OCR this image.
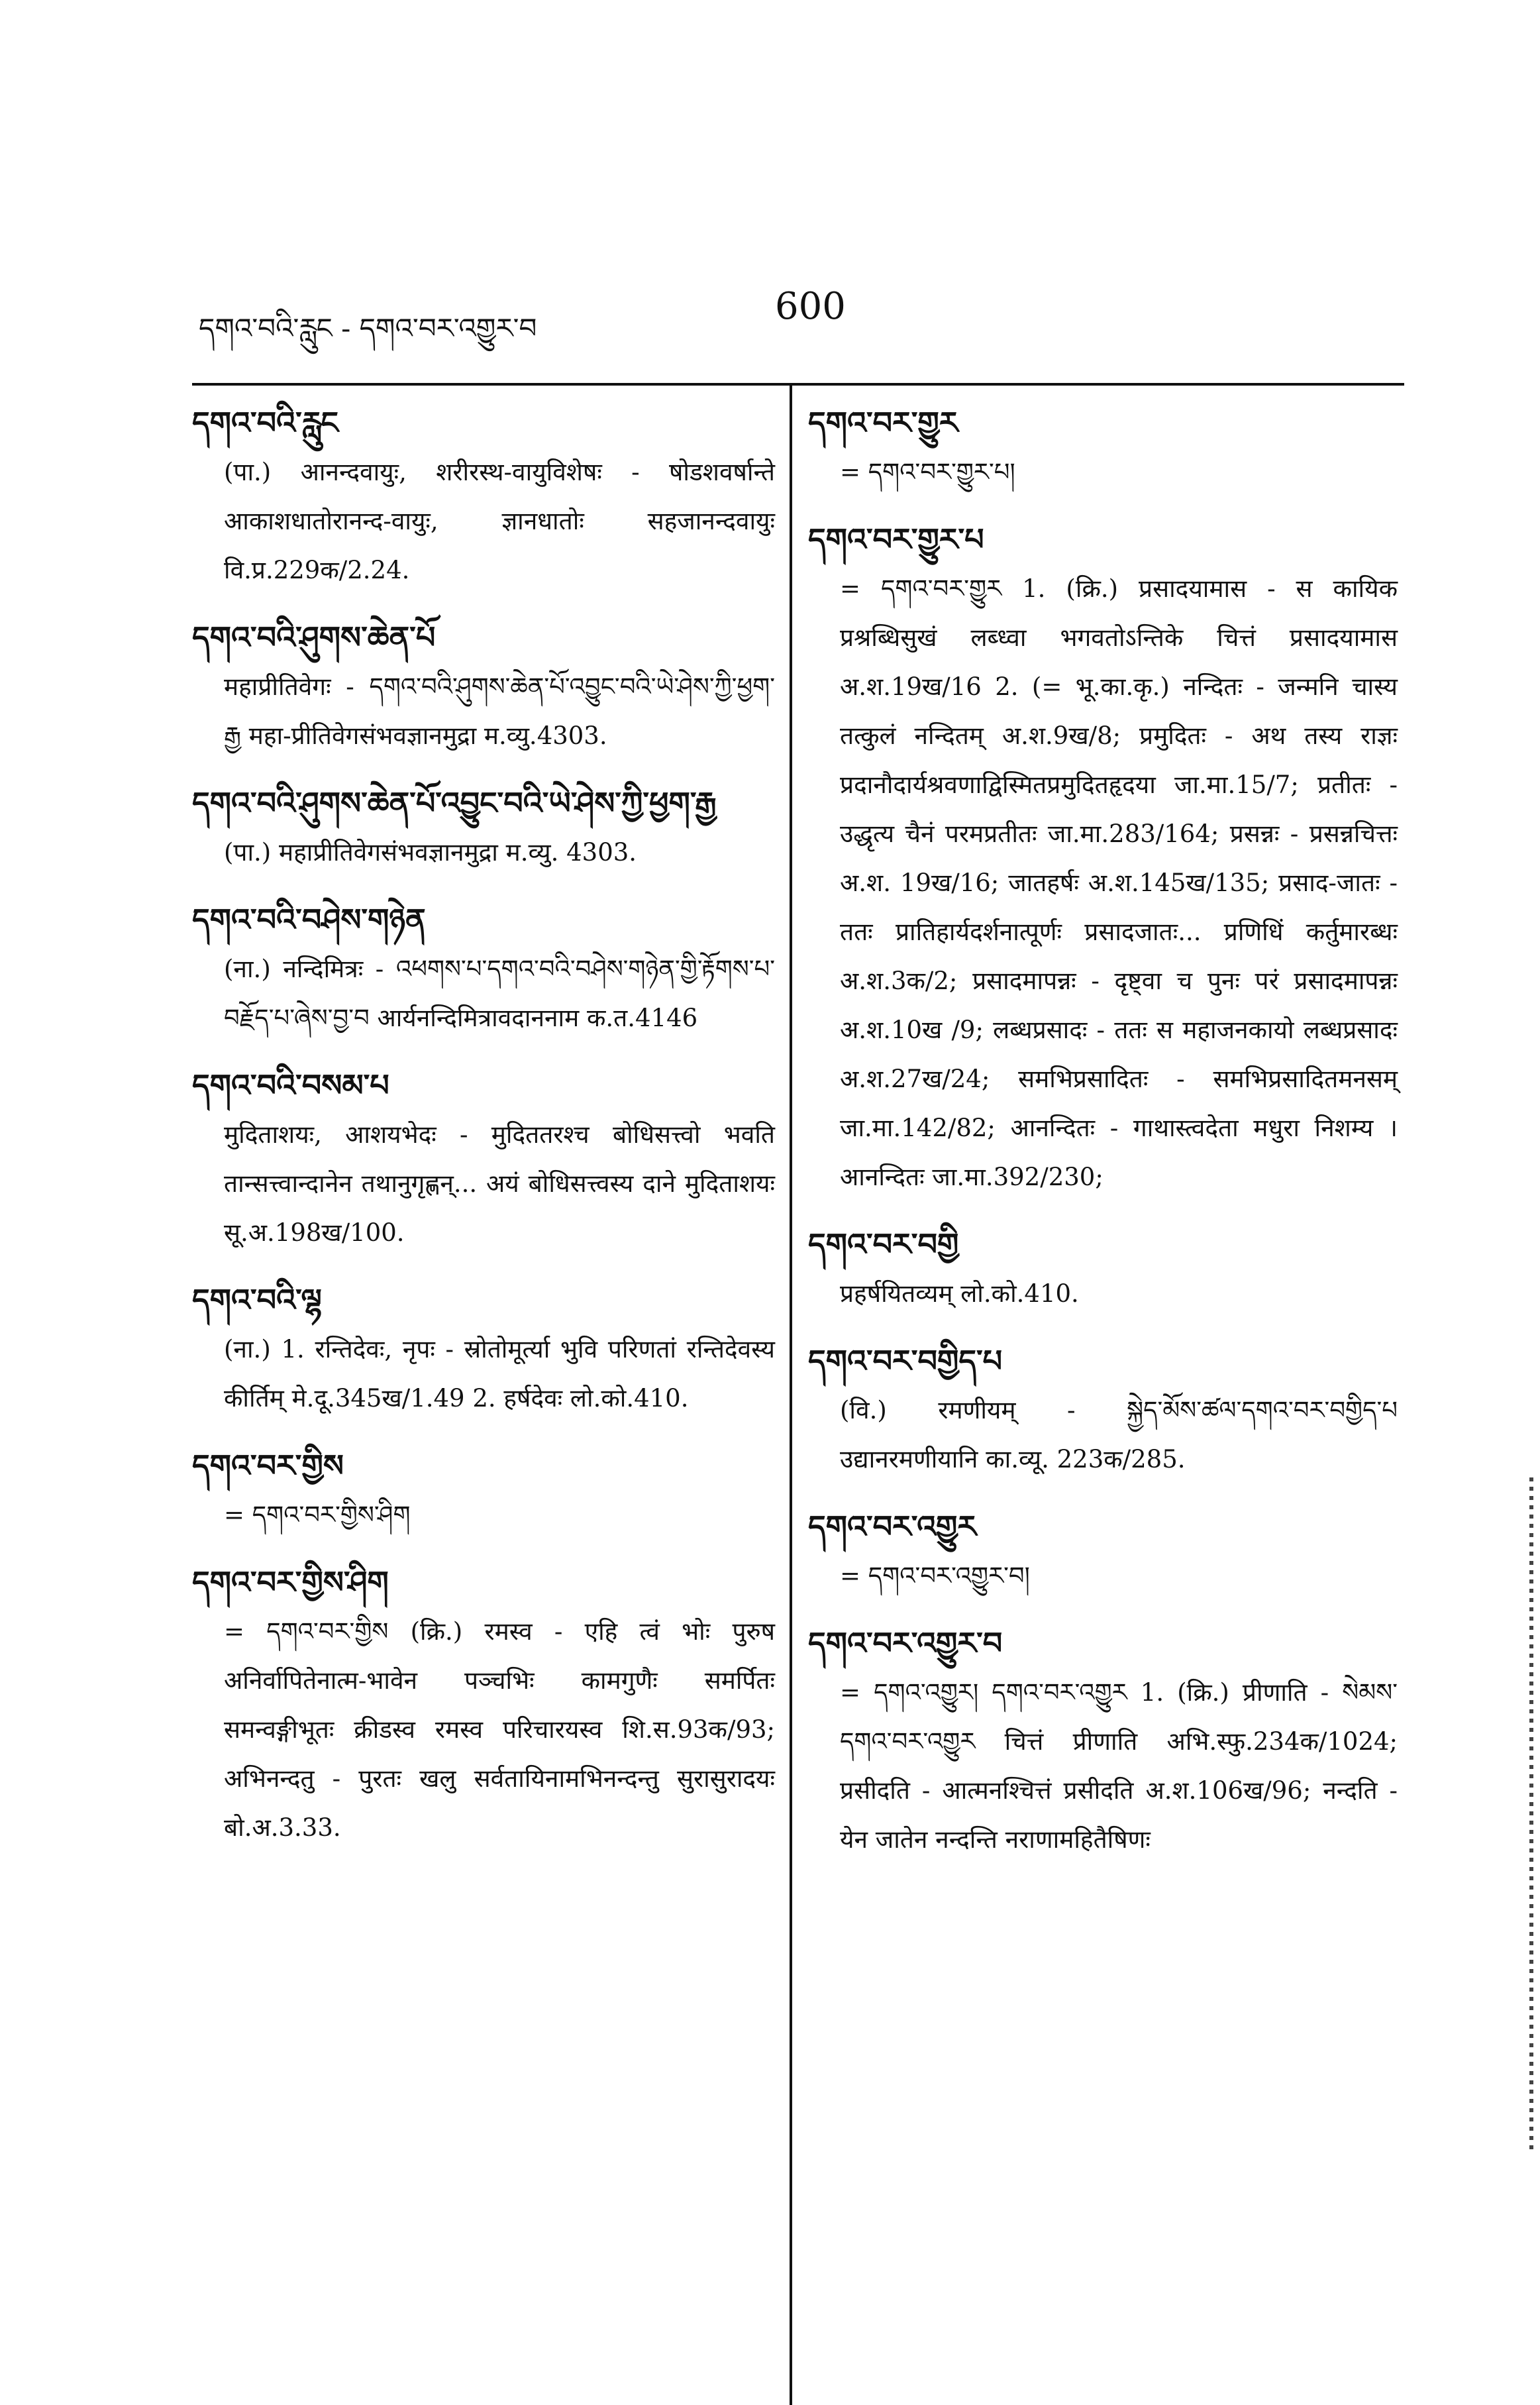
དགའ་བའི་རླུང - དགའ་བར་འགྱུར་བ
600
དགའ་བའི་རླུང
(पा.) आनन्दवायुः, शरीरस्थ-वायुविशेषः - षोडशवर्षान्ते आकाशधातोरानन्द-वायुः, ज्ञानधातोः सहजानन्दवायुः वि.प्र.229क/2.24.
དགའ་བའི་ཤུགས་ཆེན་པོ
महाप्रीतिवेगः - དགའ་བའི་ཤུགས་ཆེན་པོ་འབྱུང་བའི་ཡེ་ཤེས་ཀྱི་ཕྱག་རྒྱ महा-प्रीतिवेगसंभवज्ञानमुद्रा म.व्यु.4303.
དགའ་བའི་ཤུགས་ཆེན་པོ་འབྱུང་བའི་ཡེ་ཤེས་ཀྱི་ཕྱག་རྒྱ
(पा.) महाप्रीतिवेगसंभवज्ञानमुद्रा म.व्यु. 4303.
དགའ་བའི་བཤེས་གཉེན
(ना.) नन्दिमित्रः - འཕགས་པ་དགའ་བའི་བཤེས་གཉེན་གྱི་རྟོགས་པ་བརྗོད་པ་ཞེས་བྱ་བ आर्यनन्दिमित्रावदाननाम क.त.4146
དགའ་བའི་བསམ་པ
मुदिताशयः, आशयभेदः - मुदिततरश्च बोधिसत्त्वो भवति तान्सत्त्वान्दानेन तथानुगृह्णन्... अयं बोधिसत्त्वस्य दाने मुदिताशयः सू.अ.198ख/100.
དགའ་བའི་ལྷ
(ना.) 1. रन्तिदेवः, नृपः - स्रोतोमूर्त्या भुवि परिणतां रन्तिदेवस्य कीर्तिम् मे.दू.345ख/1.49 2. हर्षदेवः लो.को.410.
དགའ་བར་གྱིས
= དགའ་བར་གྱིས་ཤིག
དགའ་བར་གྱིས་ཤིག
= དགའ་བར་གྱིས (क्रि.) रमस्व - एहि त्वं भोः पुरुष अनिर्वापितेनात्म-भावेन पञ्चभिः कामगुणैः समर्पितः समन्वङ्गीभूतः क्रीडस्व रमस्व परिचारयस्व शि.स.93क/93; अभिनन्दतु - पुरतः खलु सर्वतायिनामभिनन्दन्तु सुरासुरादयः बो.अ.3.33.
དགའ་བར་གྱུར
= དགའ་བར་གྱུར་པ།
དགའ་བར་གྱུར་པ
= དགའ་བར་གྱུར 1. (क्रि.) प्रसादयामास - स कायिक प्रश्रब्धिसुखं लब्ध्वा भगवतोऽन्तिके चित्तं प्रसादयामास अ.श.19ख/16 2. (= भू.का.कृ.) नन्दितः - जन्मनि चास्य तत्कुलं नन्दितम् अ.श.9ख/8; प्रमुदितः - अथ तस्य राज्ञः प्रदानौदार्यश्रवणाद्विस्मितप्रमुदितहृदया जा.मा.15/7; प्रतीतः - उद्धृत्य चैनं परमप्रतीतः जा.मा.283/164; प्रसन्नः - प्रसन्नचित्तः अ.श. 19ख/16; जातहर्षः अ.श.145ख/135; प्रसाद-जातः - ततः प्रातिहार्यदर्शनात्पूर्णः प्रसादजातः... प्रणिधिं कर्तुमारब्धः अ.श.3क/2; प्रसादमापन्नः - दृष्ट्वा च पुनः परं प्रसादमापन्नः अ.श.10ख /9; लब्धप्रसादः - ततः स महाजनकायो लब्धप्रसादः अ.श.27ख/24; समभिप्रसादितः - समभिप्रसादितमनसम् जा.मा.142/82; आनन्दितः - गाथास्त्वदेता मधुरा निशम्य । आनन्दितः जा.मा.392/230;
དགའ་བར་བགྱི
प्रहर्षयितव्यम् लो.को.410.
དགའ་བར་བགྱིད་པ
(वि.) रमणीयम् - སྐྱེད་མོས་ཚལ་དགའ་བར་བགྱིད་པ उद्यानरमणीयानि का.व्यू. 223क/285.
དགའ་བར་འགྱུར
= དགའ་བར་འགྱུར་བ།
དགའ་བར་འགྱུར་བ
= དགའ་འགྱུར། དགའ་བར་འགྱུར 1. (क्रि.) प्रीणाति - སེམས་དགའ་བར་འགྱུར चित्तं प्रीणाति अभि.स्फु.234क/1024; प्रसीदति - आत्मनश्चित्तं प्रसीदति अ.श.106ख/96; नन्दति - येन जातेन नन्दन्ति नराणामहितैषिणः
